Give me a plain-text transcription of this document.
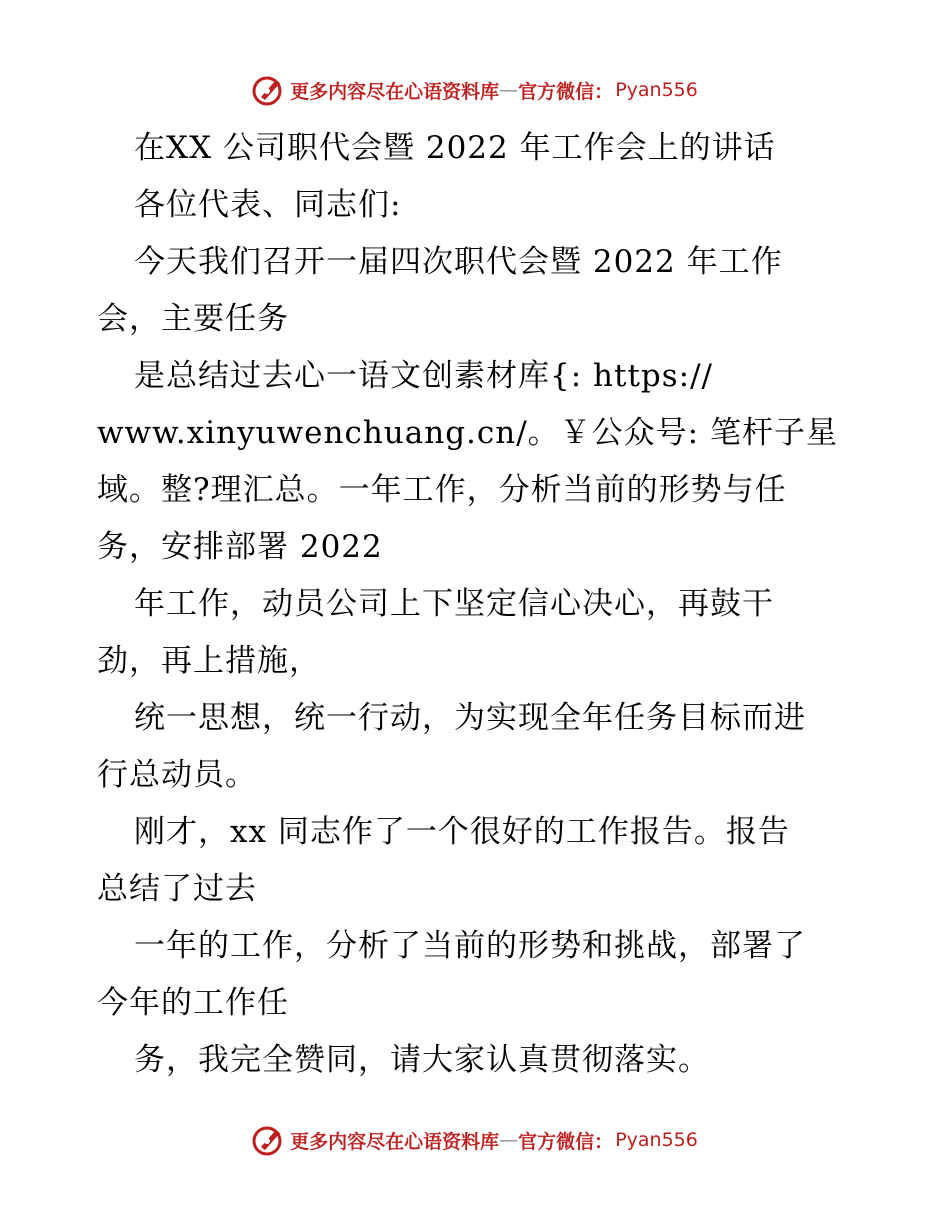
更多内容尽在心语资料库 — 官方微信： Pyan556
在XX 公司职代会暨 2022 年工作会上的讲话
各位代表、同志们:
今天我们召开一届四次职代会暨 2022 年工作
会，主要任务
是总结过去心一语文创素材库{: https://
www.xinyuwenchuang.cn/。￥公众号: 笔杆子星
域。整?理汇总。一年工作，分析当前的形势与任
务，安排部署 2022
年工作，动员公司上下坚定信心决心，再鼓干
劲，再上措施，
统一思想，统一行动，为实现全年任务目标而进
行总动员。
刚才，xx 同志作了一个很好的工作报告。报告
总结了过去
一年的工作，分析了当前的形势和挑战，部署了
今年的工作任
务，我完全赞同，请大家认真贯彻落实。
更多内容尽在心语资料库 — 官方微信： Pyan556
